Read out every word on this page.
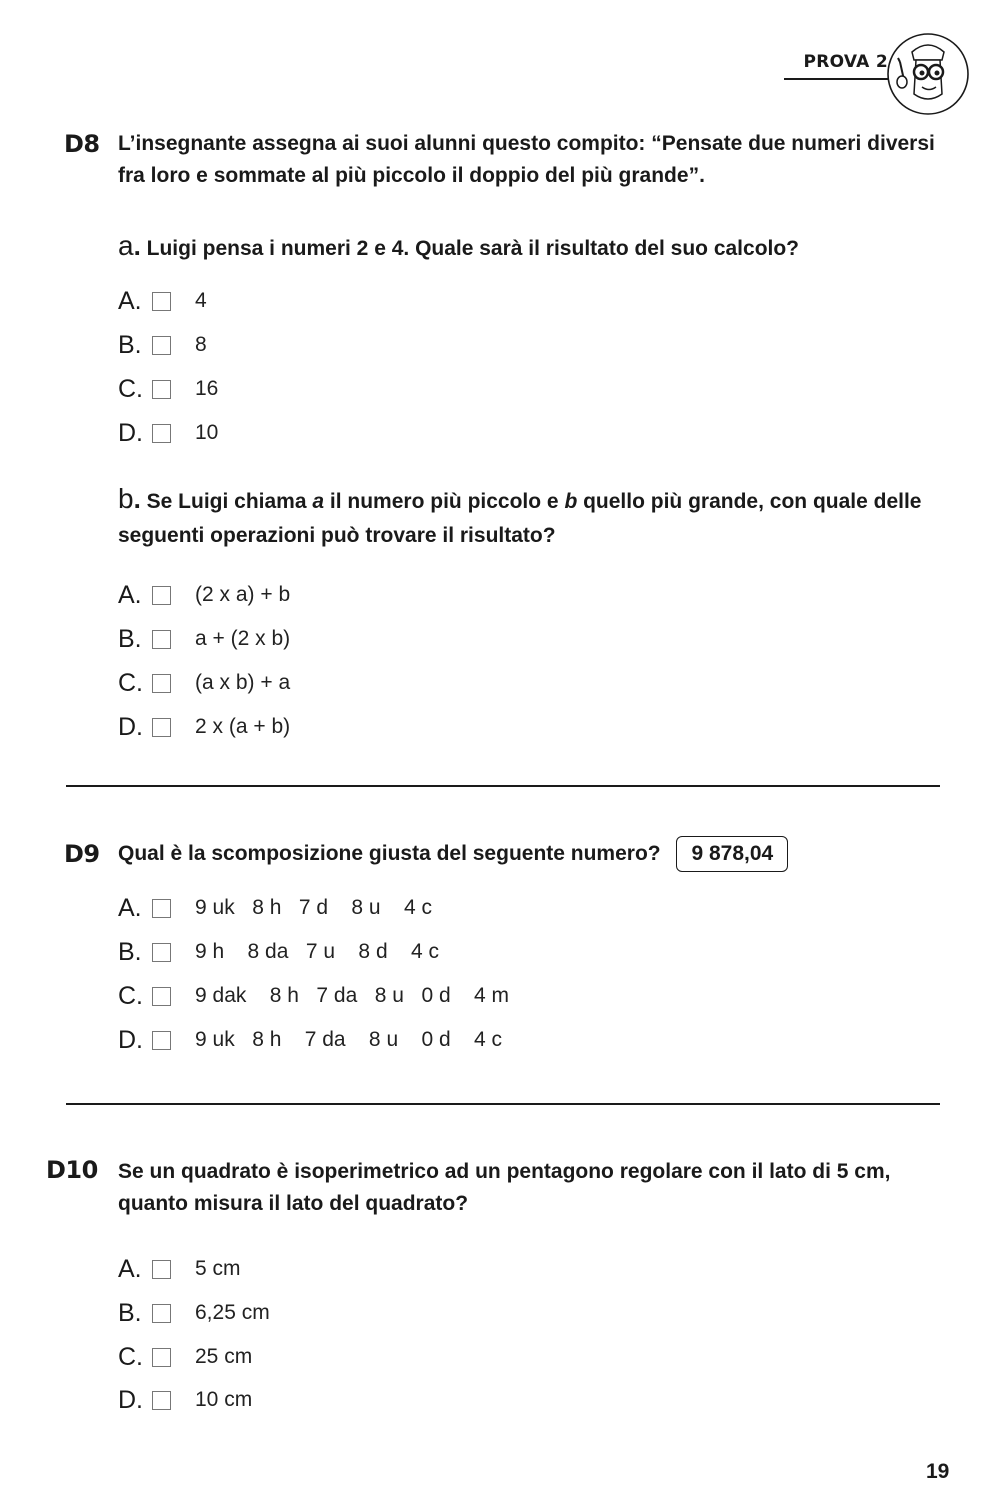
PROVA 2
D8 L’insegnante assegna ai suoi alunni questo compito: “Pensate due numeri diversi fra loro e sommate al più piccolo il doppio del più grande”.
a. Luigi pensa i numeri 2 e 4. Quale sarà il risultato del suo calcolo?
A.	4
B.	8
C.	16
D.	10
b. Se Luigi chiama a il numero più piccolo e b quello più grande, con quale delle seguenti operazioni può trovare il risultato?
A.	(2 x a) + b
B.	a + (2 x b)
C.	(a x b) + a
D.	2 x (a + b)
D9 Qual è la scomposizione giusta del seguente numero? 9 878,04
A.	9 uk   8 h   7 d    8 u    4 c
B.	9 h    8 da   7 u    8 d    4 c
C.	9 dak    8 h   7 da   8 u   0 d    4 m
D.	9 uk   8 h    7 da    8 u    0 d    4 c
D10 Se un quadrato è isoperimetrico ad un pentagono regolare con il lato di 5 cm, quanto misura il lato del quadrato?
A.	5 cm
B.	6,25 cm
C.	25 cm
D.	10 cm
19
